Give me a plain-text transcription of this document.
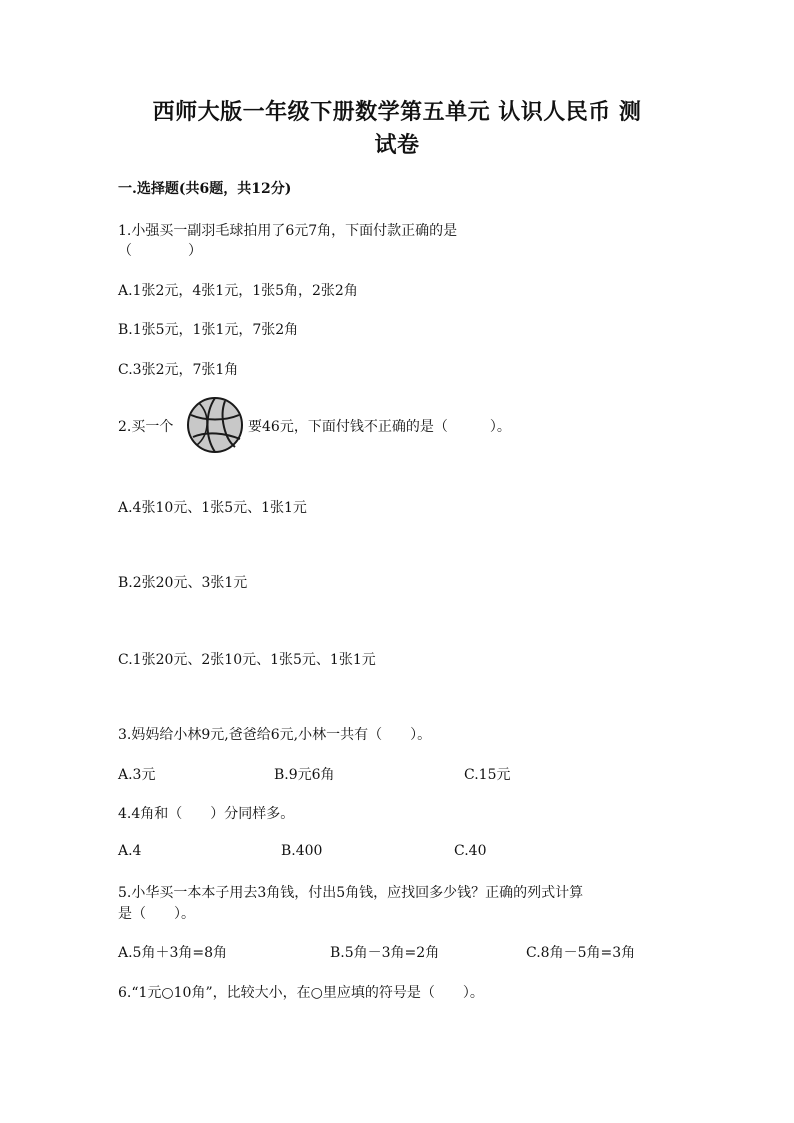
西师大版一年级下册数学第五单元 认识人民币 测
试卷
一.选择题(共6题，共12分)
1.小强买一副羽毛球拍用了6元7角，下面付款正确的是
（　　　　）
A.1张2元，4张1元，1张5角，2张2角
B.1张5元，1张1元，7张2角
C.3张2元，7张1角
2.买一个	要46元，下面付钱不正确的是（　　　）。
A.4张10元、1张5元、1张1元
B.2张20元、3张1元
C.1张20元、2张10元、1张5元、1张1元
3.妈妈给小林9元,爸爸给6元,小林一共有（　　）。
A.3元	B.9元6角	C.15元
4.4角和（　　）分同样多。
A.4	B.400	C.40
5.小华买一本本子用去3角钱，付出5角钱，应找回多少钱？正确的列式计算
是（　　）。
A.5角＋3角=8角	B.5角－3角=2角	C.8角－5角=3角
6.“1元○10角”，比较大小，在○里应填的符号是（　　）。
